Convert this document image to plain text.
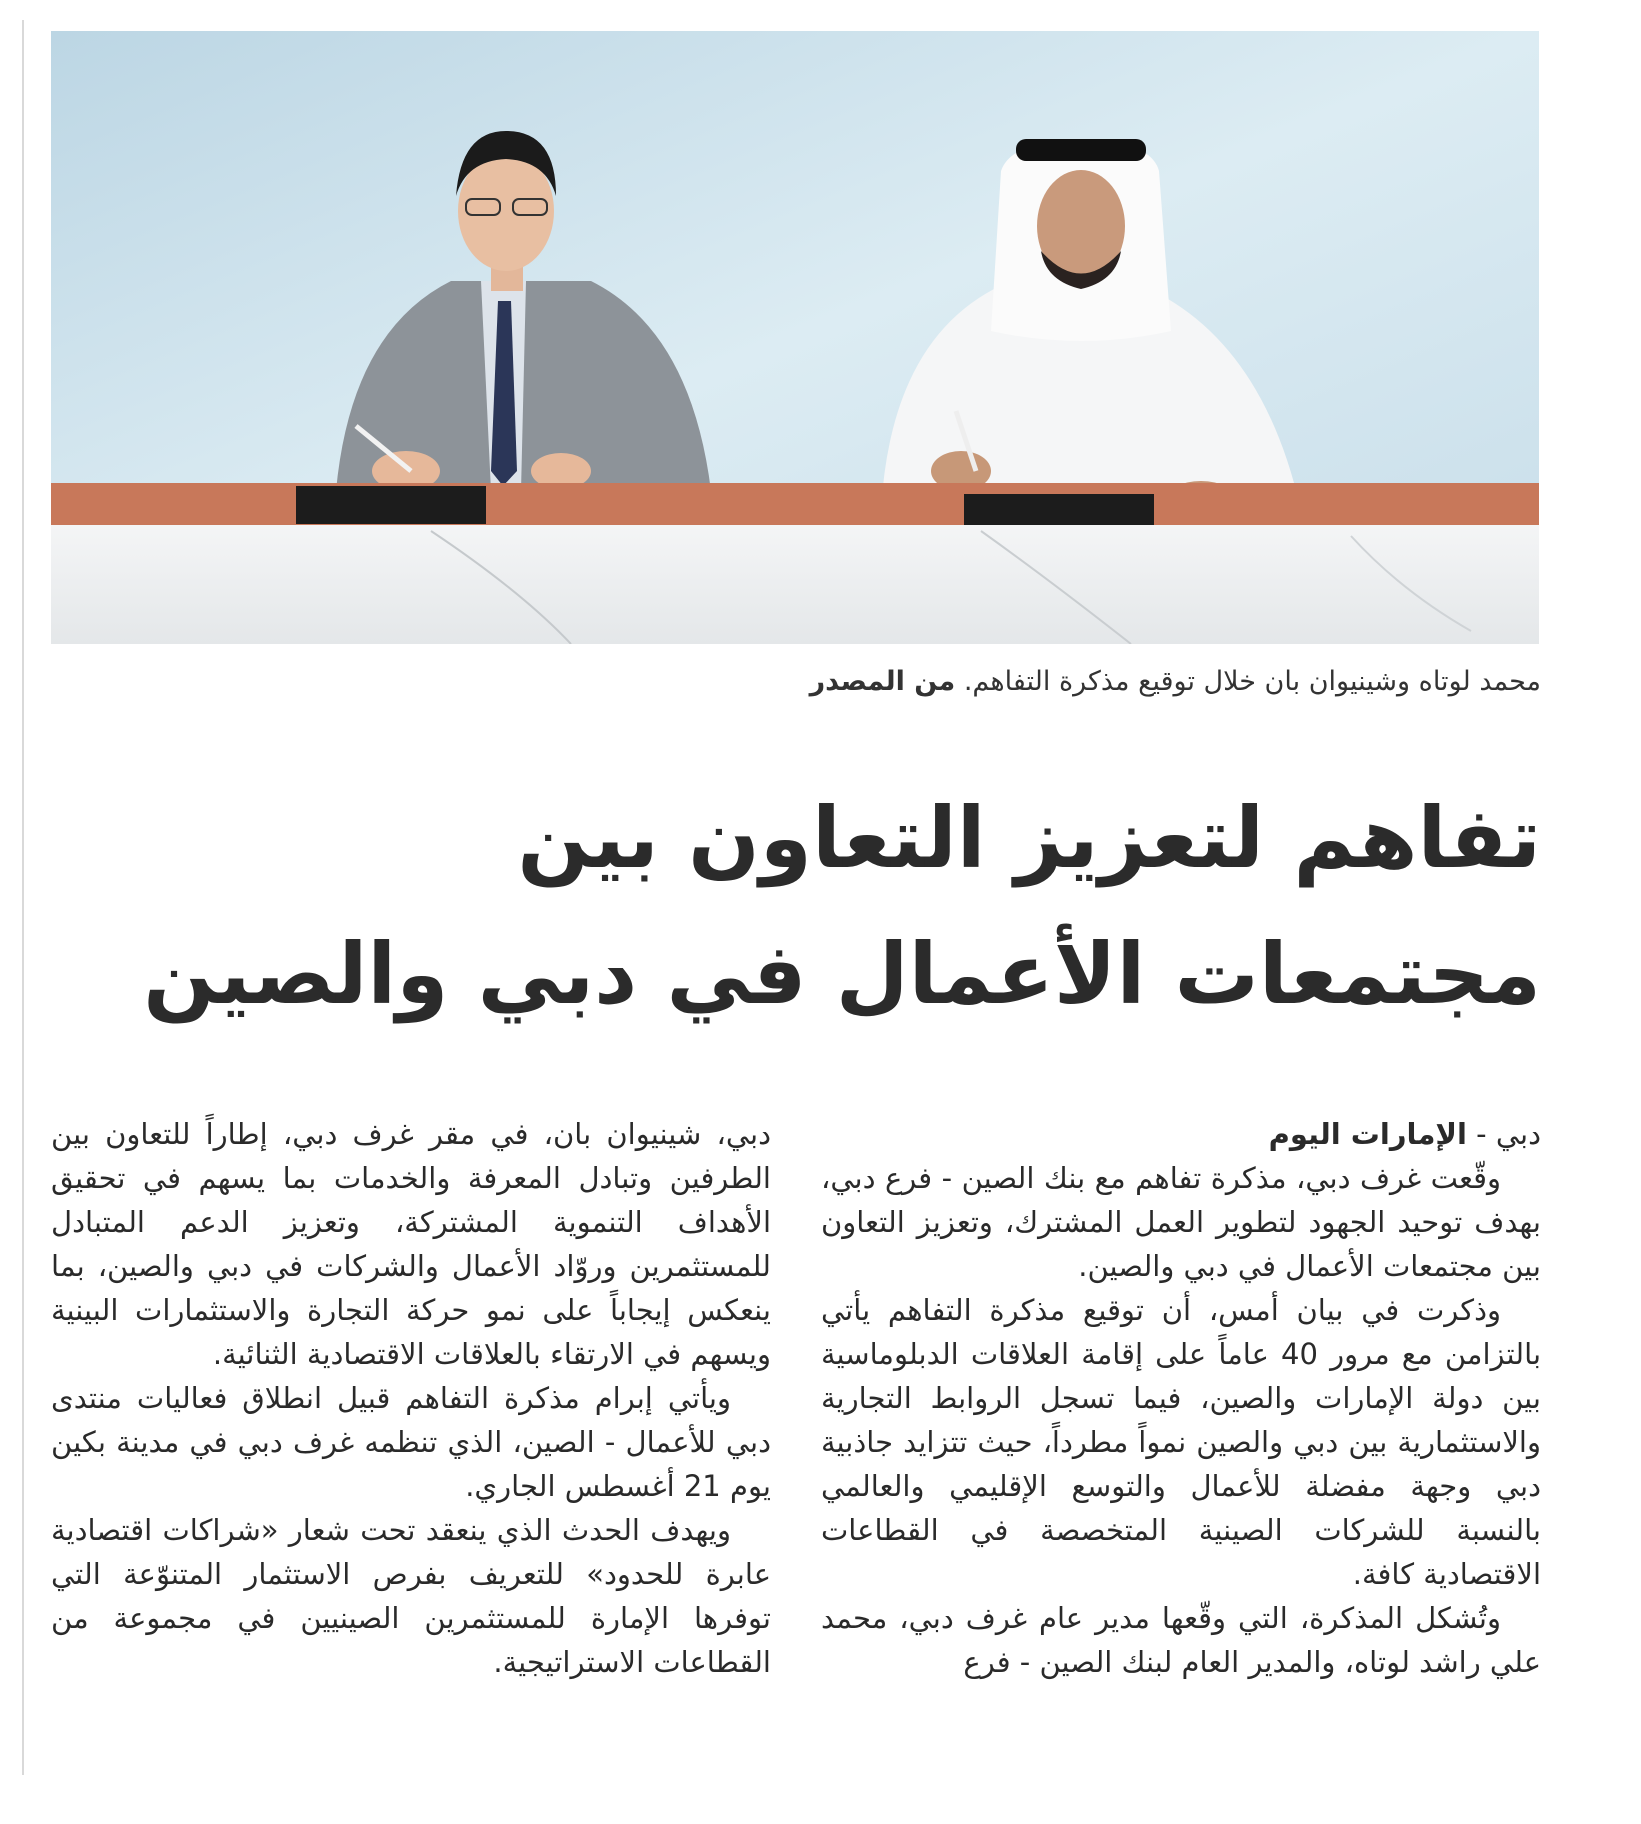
محمد لوتاه وشينيوان بان خلال توقيع مذكرة التفاهم. من المصدر
تفاهم لتعزيز التعاون بين
مجتمعات الأعمال في دبي والصين

دبي - الإمارات اليوم

وقّعت غرف دبي، مذكرة تفاهم مع بنك الصين - فرع دبي، بهدف توحيد الجهود لتطوير العمل المشترك، وتعزيز التعاون بين مجتمعات الأعمال في دبي والصين.

وذكرت في بيان أمس، أن توقيع مذكرة التفاهم يأتي بالتزامن مع مرور 40 عاماً على إقامة العلاقات الدبلوماسية بين دولة الإمارات والصين، فيما تسجل الروابط التجارية والاستثمارية بين دبي والصين نمواً مطرداً، حيث تتزايد جاذبية دبي وجهة مفضلة للأعمال والتوسع الإقليمي والعالمي بالنسبة للشركات الصينية المتخصصة في القطاعات الاقتصادية كافة.

وتُشكل المذكرة، التي وقّعها مدير عام غرف دبي، محمد علي راشد لوتاه، والمدير العام لبنك الصين - فرع

دبي، شينيوان بان، في مقر غرف دبي، إطاراً للتعاون بين الطرفين وتبادل المعرفة والخدمات بما يسهم في تحقيق الأهداف التنموية المشتركة، وتعزيز الدعم المتبادل للمستثمرين وروّاد الأعمال والشركات في دبي والصين، بما ينعكس إيجاباً على نمو حركة التجارة والاستثمارات البينية ويسهم في الارتقاء بالعلاقات الاقتصادية الثنائية.

ويأتي إبرام مذكرة التفاهم قبيل انطلاق فعاليات منتدى دبي للأعمال - الصين، الذي تنظمه غرف دبي في مدينة بكين يوم 21 أغسطس الجاري.

ويهدف الحدث الذي ينعقد تحت شعار «شراكات اقتصادية عابرة للحدود» للتعريف بفرص الاستثمار المتنوّعة التي توفرها الإمارة للمستثمرين الصينيين في مجموعة من القطاعات الاستراتيجية.
